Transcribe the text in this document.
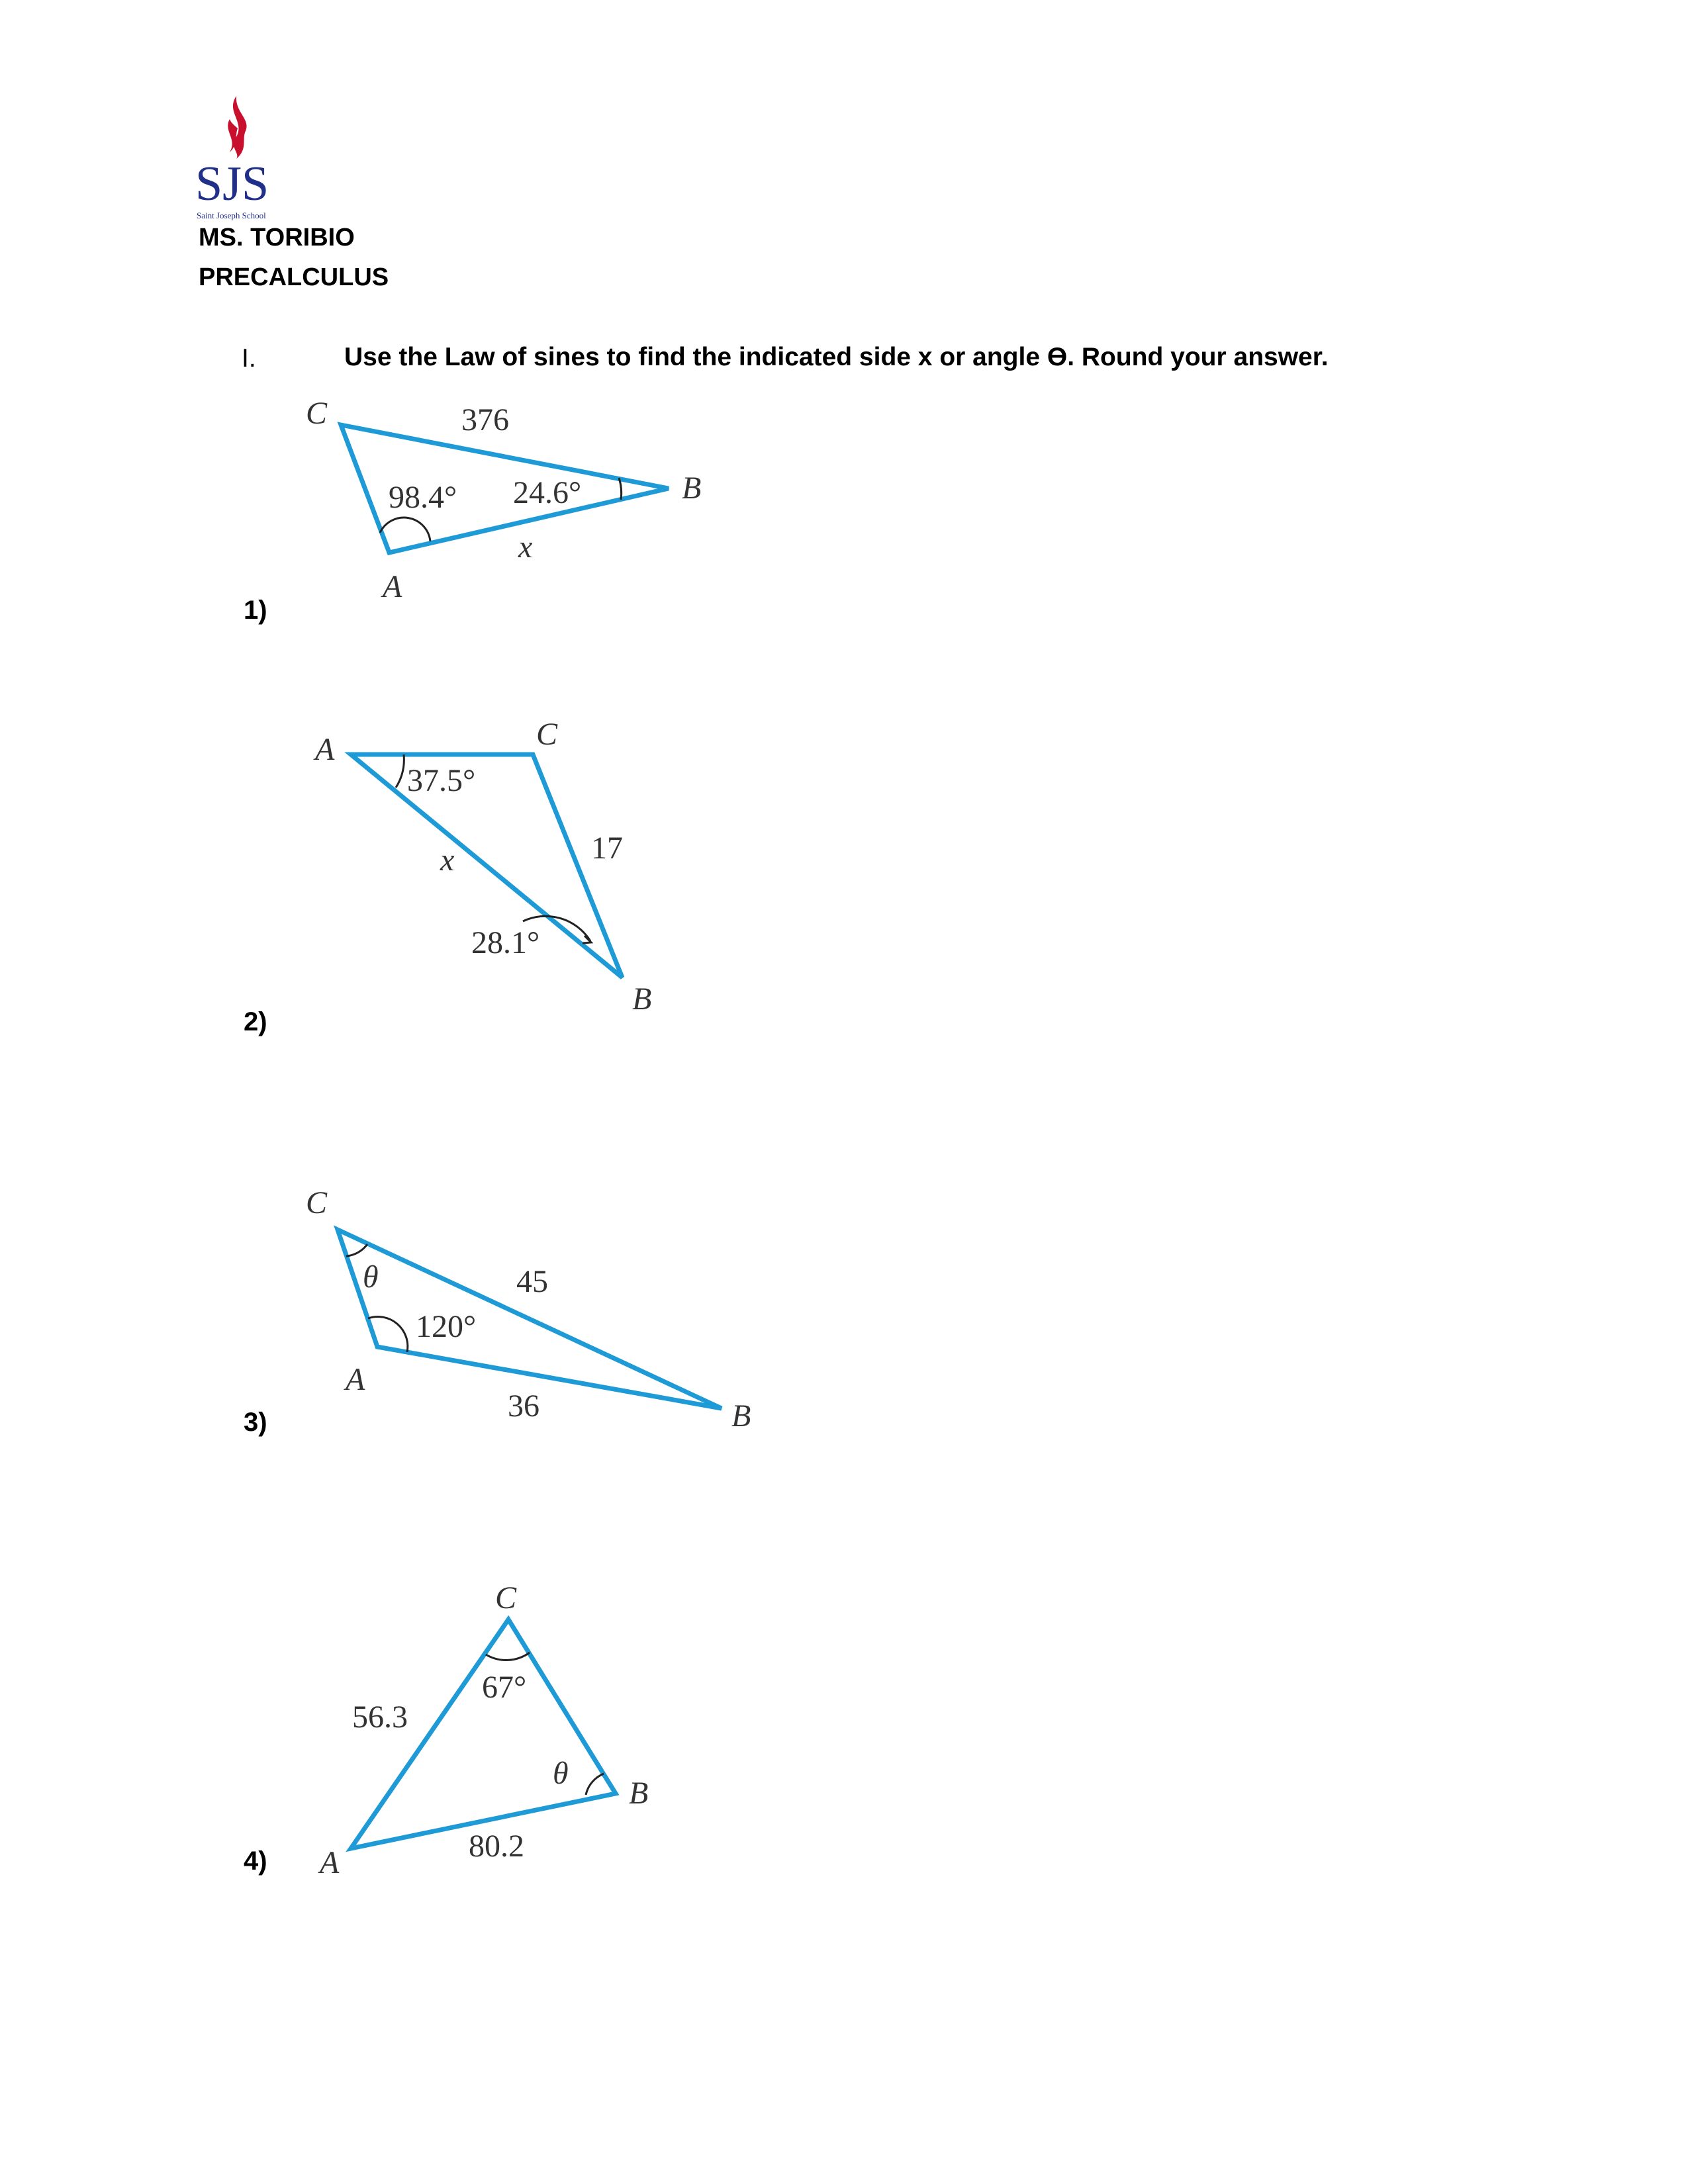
SJS
Saint Joseph School
MS. TORIBIO
PRECALCULUS
I.	Use the Law of sines to find the indicated side x or angle ϴ. Round your answer.
1)
2)
3)
4)
C
B
A
376
98.4° 24.6°
x
A	C
B
37.5°
17
x
28.1°
C
A
B
θ
120°
45
36
C
B
A
67°
56.3
θ
80.2
